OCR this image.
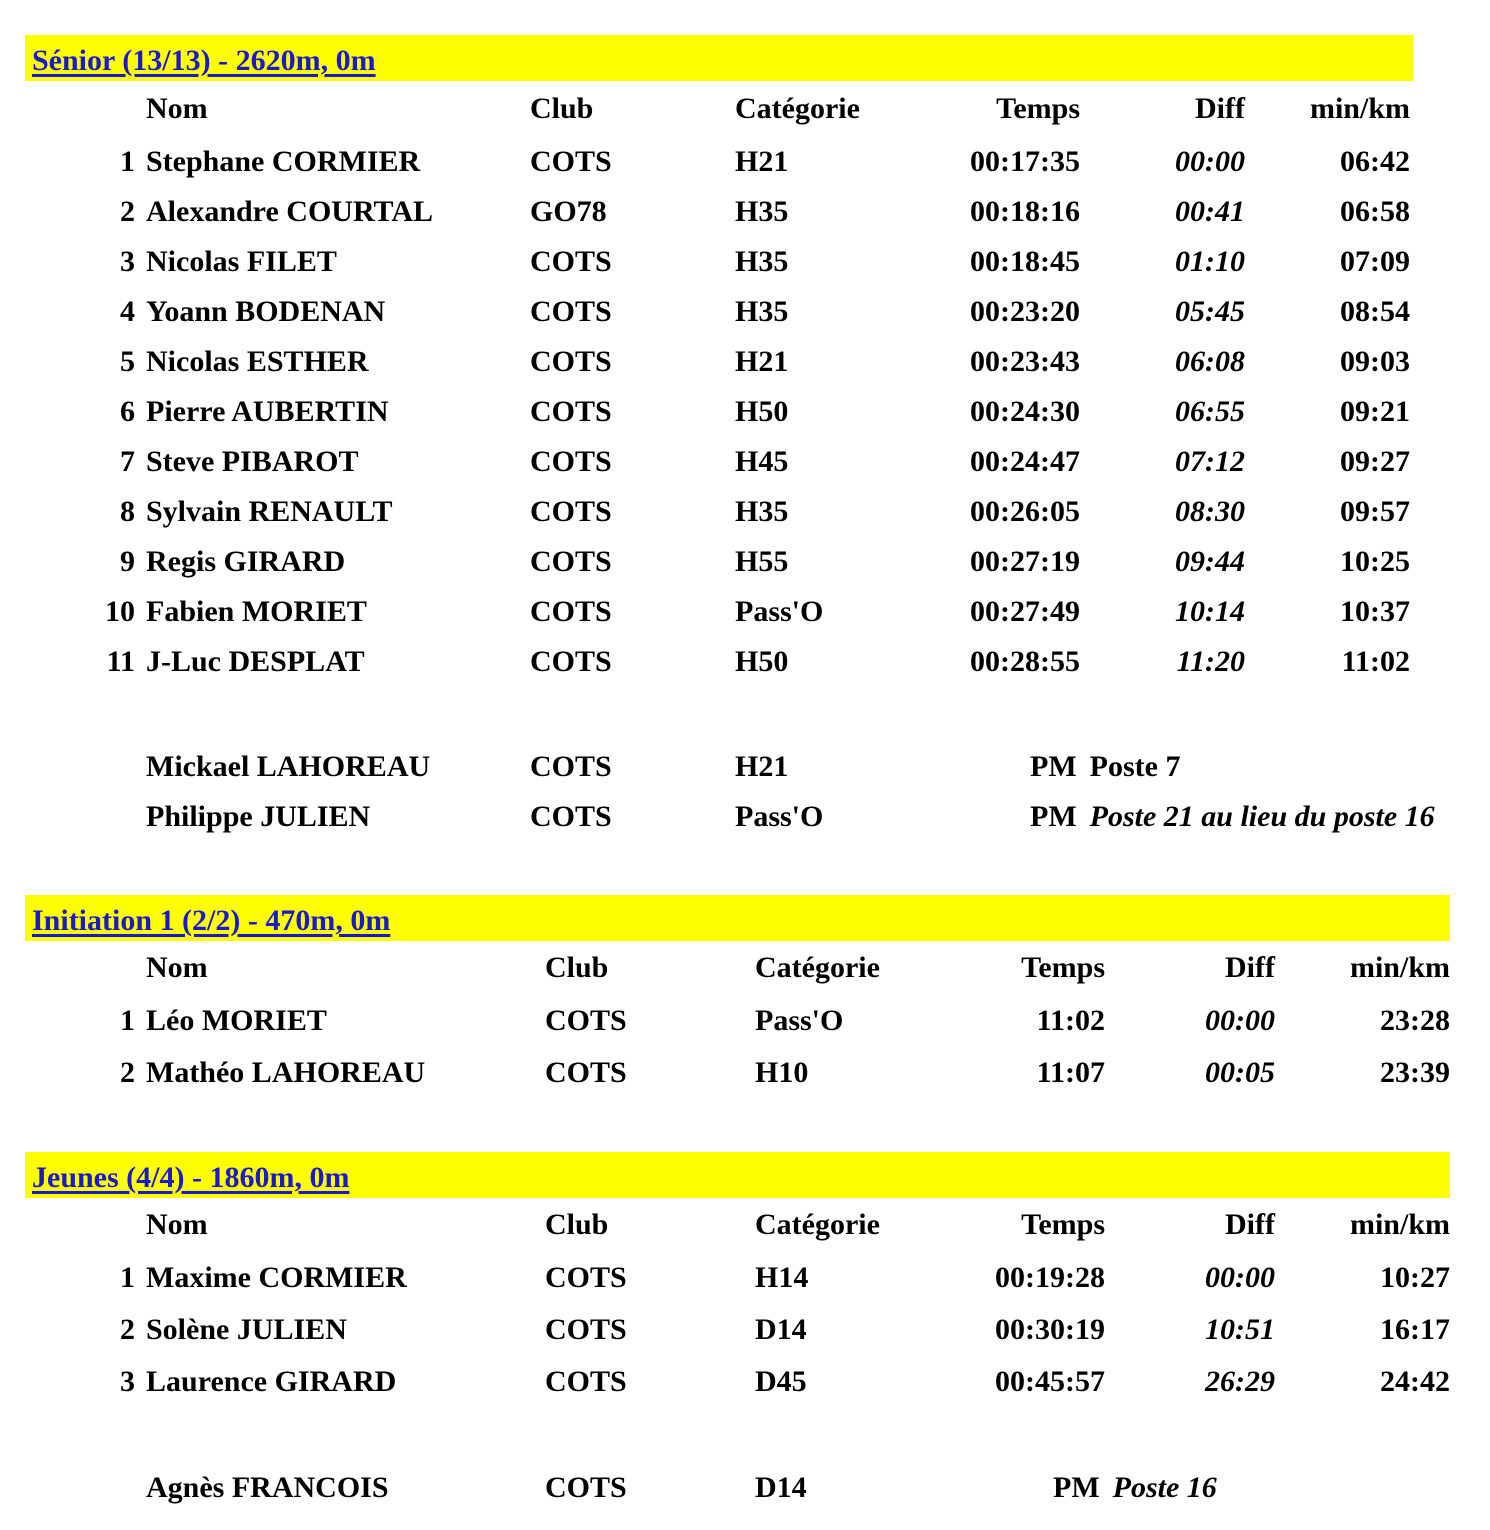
Sénior (13/13) - 2620m, 0m
	Nom	Club	Catégorie	Temps	Diff	min/km
1	Stephane CORMIER	COTS	H21	00:17:35	00:00	06:42
2	Alexandre COURTAL	GO78	H35	00:18:16	00:41	06:58
3	Nicolas FILET	COTS	H35	00:18:45	01:10	07:09
4	Yoann BODENAN	COTS	H35	00:23:20	05:45	08:54
5	Nicolas ESTHER	COTS	H21	00:23:43	06:08	09:03
6	Pierre AUBERTIN	COTS	H50	00:24:30	06:55	09:21
7	Steve PIBAROT	COTS	H45	00:24:47	07:12	09:27
8	Sylvain RENAULT	COTS	H35	00:26:05	08:30	09:57
9	Regis GIRARD	COTS	H55	00:27:19	09:44	10:25
10	Fabien MORIET	COTS	Pass'O	00:27:49	10:14	10:37
11	J-Luc DESPLAT	COTS	H50	00:28:55	11:20	11:02
	Mickael LAHOREAU	COTS	H21	PM Poste 7
	Philippe JULIEN	COTS	Pass'O	PM Poste 21 au lieu du poste 16
Initiation 1 (2/2) - 470m, 0m
	Nom	Club	Catégorie	Temps	Diff	min/km
1	Léo MORIET	COTS	Pass'O	11:02	00:00	23:28
2	Mathéo LAHOREAU	COTS	H10	11:07	00:05	23:39
Jeunes (4/4) - 1860m, 0m
	Nom	Club	Catégorie	Temps	Diff	min/km
1	Maxime CORMIER	COTS	H14	00:19:28	00:00	10:27
2	Solène JULIEN	COTS	D14	00:30:19	10:51	16:17
3	Laurence GIRARD	COTS	D45	00:45:57	26:29	24:42
	Agnès FRANCOIS	COTS	D14	PM Poste 16
